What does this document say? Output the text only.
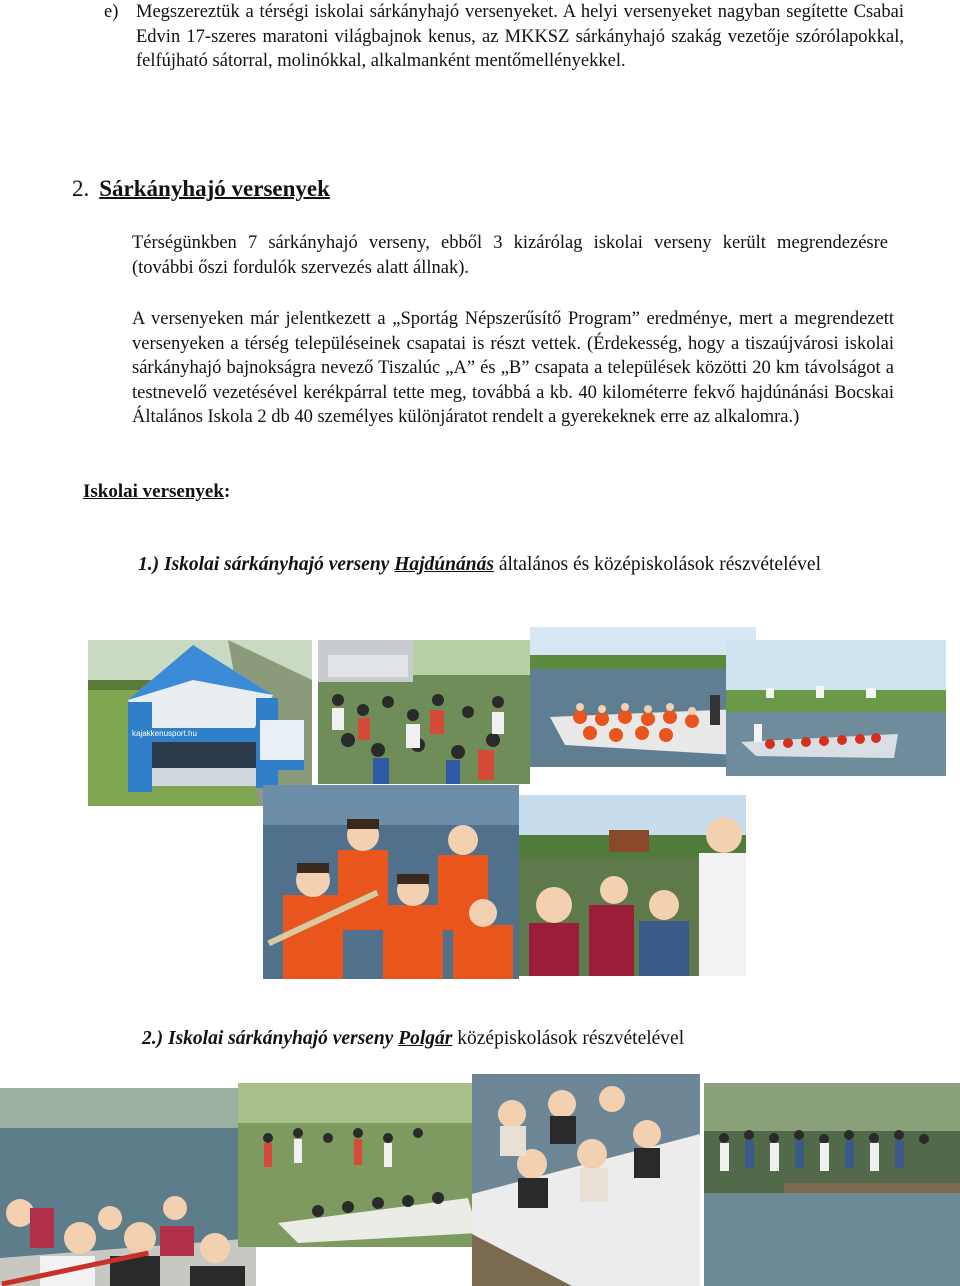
e) Megszereztük a térségi iskolai sárkányhajó versenyeket. A helyi versenyeket nagyban segítette Csabai Edvin 17-szeres maratoni világbajnok kenus, az MKKSZ sárkányhajó szakág vezetője szórólapokkal, felfújható sátorral, molinókkal, alkalmanként mentőmellényekkel.
2. Sárkányhajó versenyek
Térségünkben 7 sárkányhajó verseny, ebből 3 kizárólag iskolai verseny került megrendezésre (további őszi fordulók szervezés alatt állnak).
A versenyeken már jelentkezett a „Sportág Népszerűsítő Program” eredménye, mert a megrendezett versenyeken a térség településeinek csapatai is részt vettek. (Érdekesség, hogy a tiszaújvárosi iskolai sárkányhajó bajnokságra nevező Tiszalúc „A” és „B” csapata a települések közötti 20 km távolságot a testnevelő vezetésével kerékpárral tette meg, továbbá a kb. 40 kilométerre fekvő hajdúnánási Bocskai Általános Iskola 2 db 40 személyes különjáratot rendelt a gyerekeknek erre az alkalomra.)
Iskolai versenyek:
1.) Iskolai sárkányhajó verseny Hajdúnánás általános és középiskolások részvételével
kajakkenusport.hu
2.) Iskolai sárkányhajó verseny Polgár középiskolások részvételével
